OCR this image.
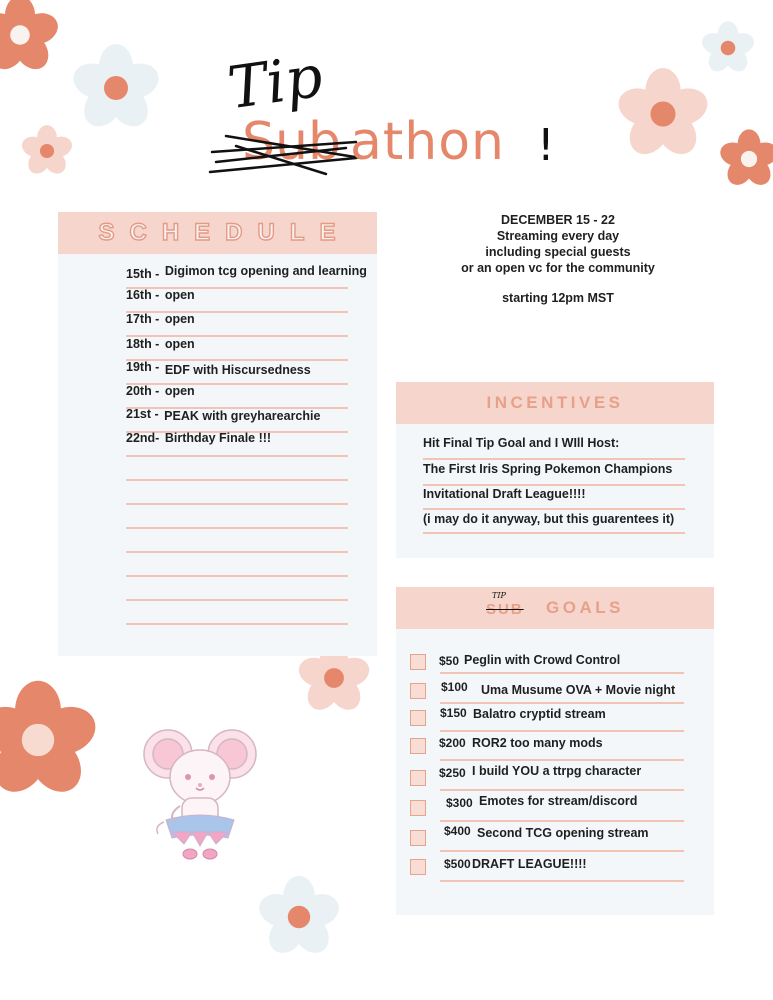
Tip
Sub athon !
SCHEDULE
15th - Digimon tcg opening and learning
16th - open
17th - open
18th - open
19th - EDF with Hiscursedness
20th - open
21st - PEAK with greyharearchie
22nd- Birthday Finale !!!
DECEMBER 15 - 22
Streaming every day
including special guests
or an open vc for the community
starting 12pm MST
INCENTIVES
Hit Final Tip Goal and I WIll Host:
The First Iris Spring Pokemon Champions
Invitational Draft League!!!!
(i may do it anyway, but this guarentees it)
SUB
TIP
GOALS
$50 Peglin with Crowd Control
$100 Uma Musume OVA + Movie night
$150 Balatro cryptid stream
$200 ROR2 too many mods
$250 I build YOU a ttrpg character
$300 Emotes for stream/discord
$400 Second TCG opening stream
$500 DRAFT LEAGUE!!!!
